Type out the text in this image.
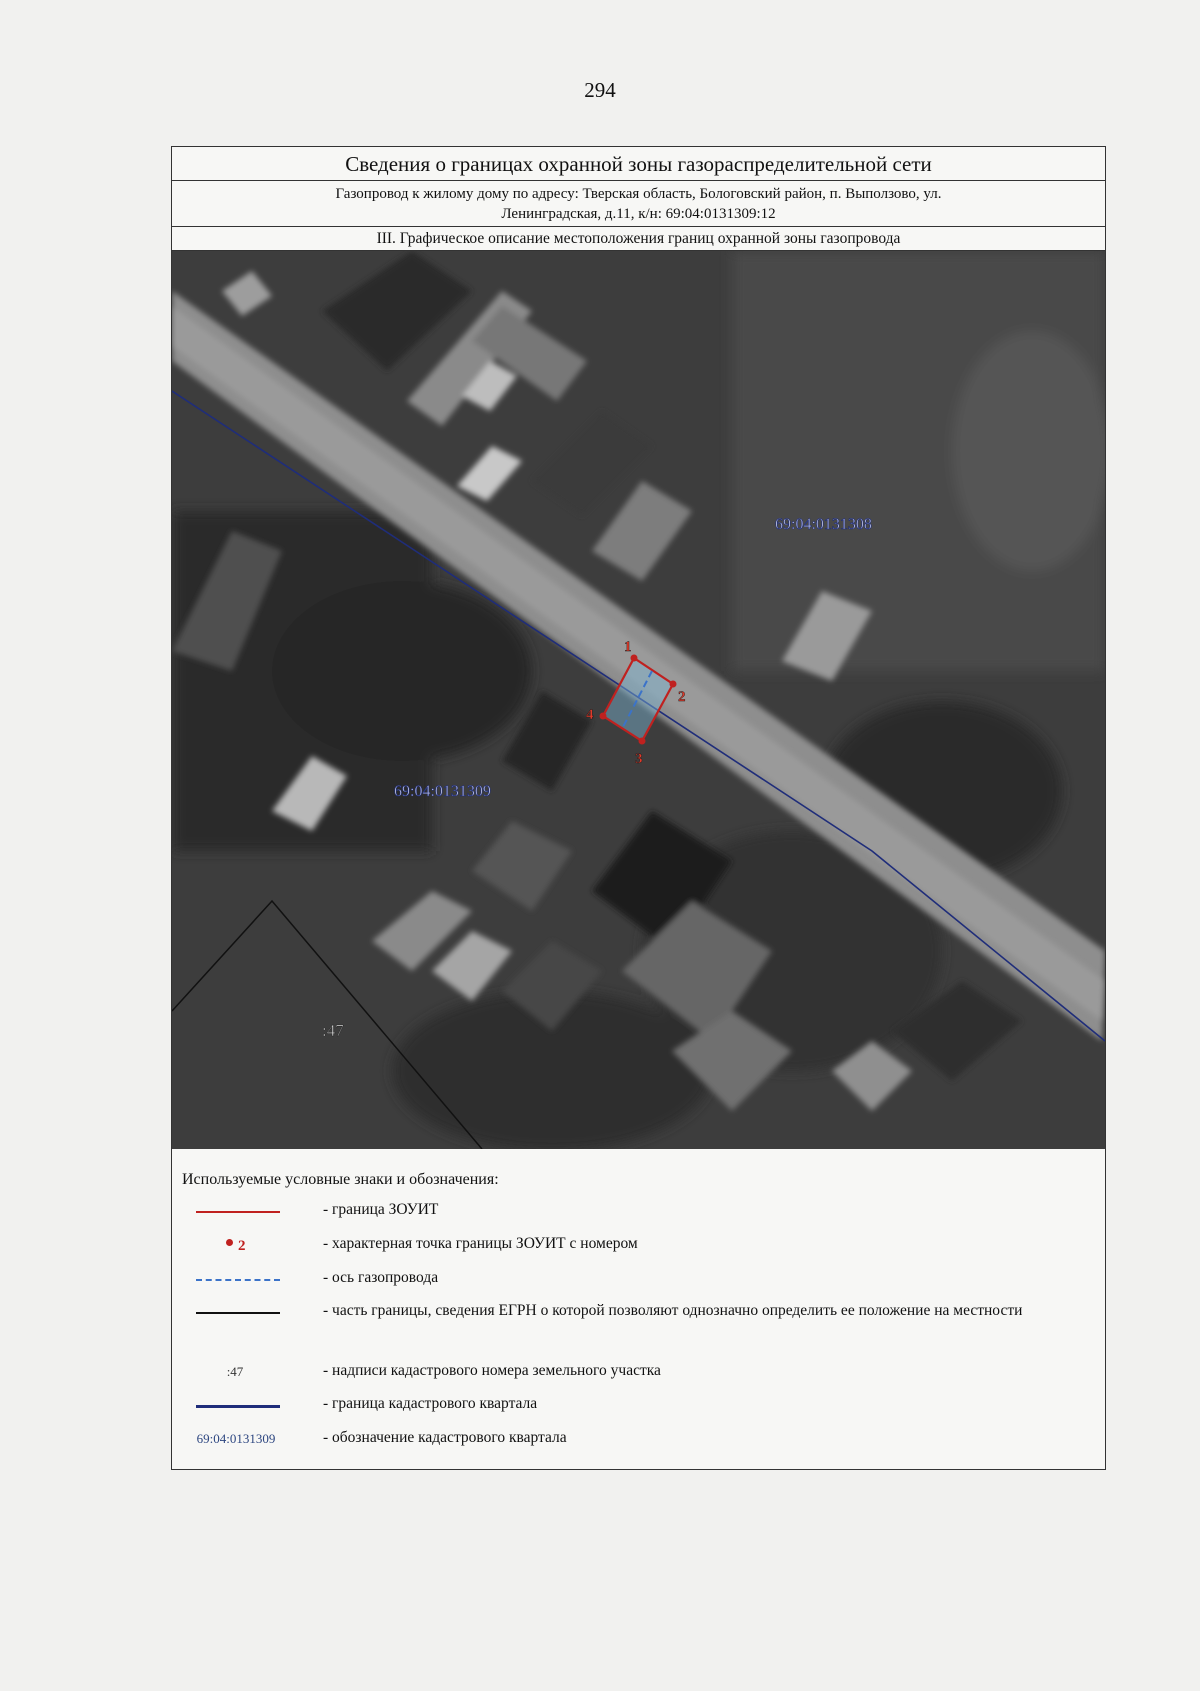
294
Сведения о границах охранной зоны газораспределительной сети
Газопровод к жилому дому по адресу: Тверская область, Бологовский район, п. Выползово, ул.
Ленинградская, д.11, к/н: 69:04:0131309:12
III. Графическое описание местоположения границ охранной зоны газопровода
1
2
3
4
69:04:0131308
69:04:0131309
:47
Используемые условные знаки и обозначения:
- граница ЗОУИТ
2	- характерная точка границы ЗОУИТ с номером
- ось газопровода
- часть границы, сведения ЕГРН о которой позволяют однозначно определить ее положение на местности
:47	- надписи кадастрового номера земельного участка
- граница кадастрового квартала
69:04:0131309	- обозначение кадастрового квартала
